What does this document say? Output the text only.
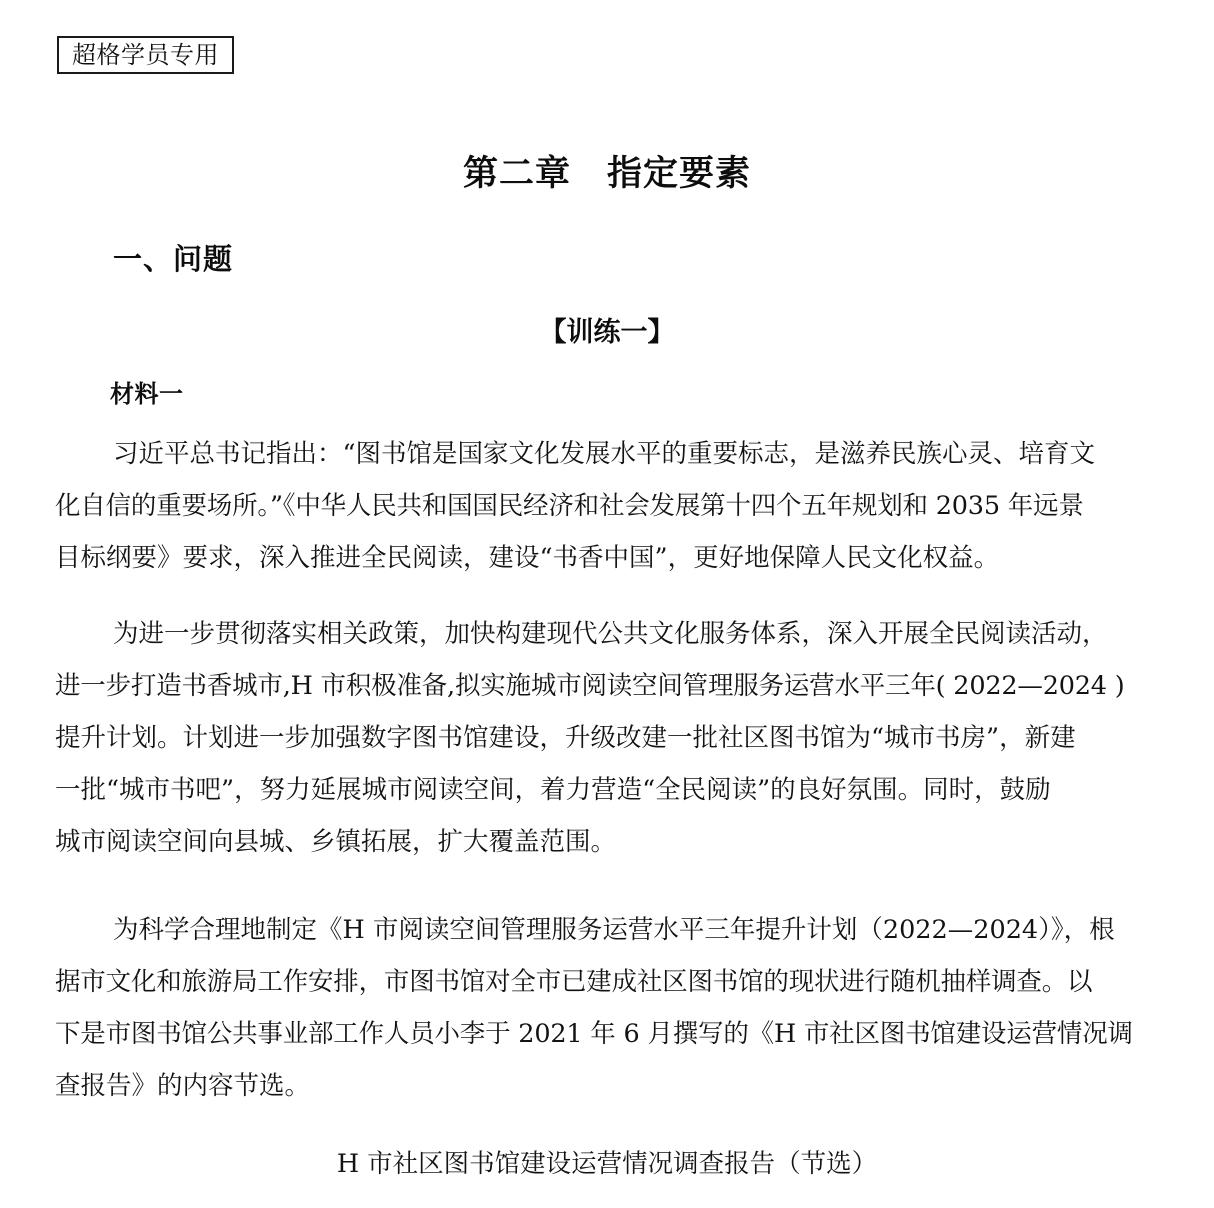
超格学员专用
第二章　指定要素
一、问题
【训练一】
材料一
习近平总书记指出：“图书馆是国家文化发展水平的重要标志，是滋养民族心灵、培育文
化自信的重要场所。”《中华人民共和国国民经济和社会发展第十四个五年规划和 2035 年远景
目标纲要》要求，深入推进全民阅读，建设“书香中国”，更好地保障人民文化权益。
为进一步贯彻落实相关政策，加快构建现代公共文化服务体系，深入开展全民阅读活动，
进一步打造书香城市,H 市积极准备,拟实施城市阅读空间管理服务运营水平三年( 2022—2024 )
提升计划。计划进一步加强数字图书馆建设，升级改建一批社区图书馆为“城市书房”，新建
一批“城市书吧”，努力延展城市阅读空间，着力营造“全民阅读”的良好氛围。同时，鼓励
城市阅读空间向县城、乡镇拓展，扩大覆盖范围。
为科学合理地制定《H 市阅读空间管理服务运营水平三年提升计划（2022—2024）》，根
据市文化和旅游局工作安排，市图书馆对全市已建成社区图书馆的现状进行随机抽样调查。以
下是市图书馆公共事业部工作人员小李于 2021 年 6 月撰写的《H 市社区图书馆建设运营情况调
查报告》的内容节选。
H 市社区图书馆建设运营情况调查报告（节选）
